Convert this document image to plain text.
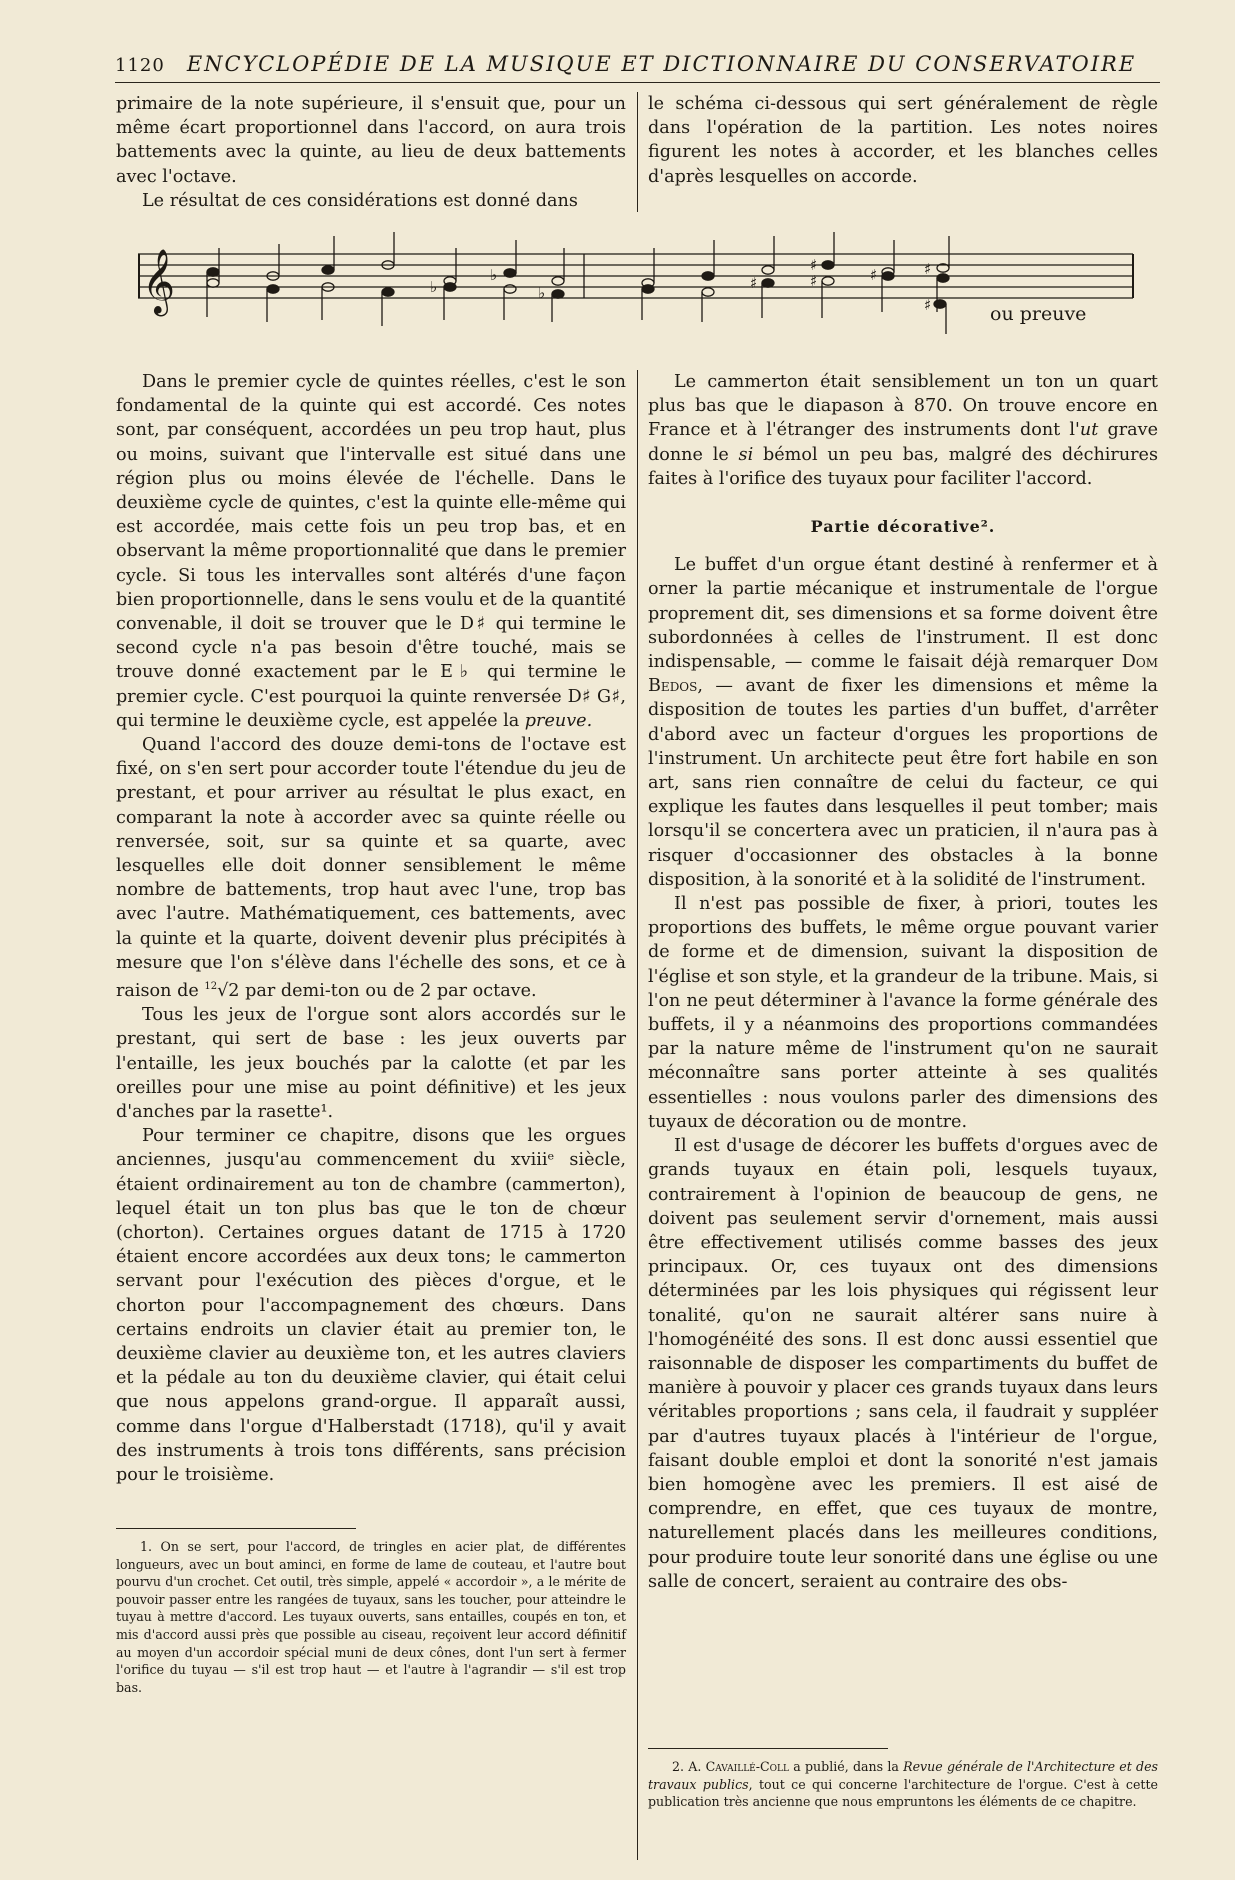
1120 ENCYCLOPÉDIE DE LA MUSIQUE ET DICTIONNAIRE DU CONSERVATOIRE

primaire de la note supérieure, il s'ensuit que, pour un même écart proportionnel dans l'accord, on aura trois battements avec la quinte, au lieu de deux battements avec l'octave.

Le résultat de ces considérations est donné dans

le schéma ci-dessous qui sert généralement de règle dans l'opération de la partition. Les notes noires figurent les notes à accorder, et les blanches celles d'après lesquelles on accorde.

𝄞	♭
♭
♭
♯
♯
♯	♯	♯
♯	ou preuve

Dans le premier cycle de quintes réelles, c'est le son fondamental de la quinte qui est accordé. Ces notes sont, par conséquent, accordées un peu trop haut, plus ou moins, suivant que l'intervalle est situé dans une région plus ou moins élevée de l'échelle. Dans le deuxième cycle de quintes, c'est la quinte elle-même qui est accordée, mais cette fois un peu trop bas, et en observant la même proportionnalité que dans le premier cycle. Si tous les intervalles sont altérés d'une façon bien proportionnelle, dans le sens voulu et de la quantité convenable, il doit se trouver que le D♯ qui termine le second cycle n'a pas besoin d'être touché, mais se trouve donné exactement par le E♭ qui termine le premier cycle. C'est pourquoi la quinte renversée D♯ G♯, qui termine le deuxième cycle, est appelée la preuve.

Quand l'accord des douze demi-tons de l'octave est fixé, on s'en sert pour accorder toute l'étendue du jeu de prestant, et pour arriver au résultat le plus exact, en comparant la note à accorder avec sa quinte réelle ou renversée, soit, sur sa quinte et sa quarte, avec lesquelles elle doit donner sensiblement le même nombre de battements, trop haut avec l'une, trop bas avec l'autre. Mathématiquement, ces battements, avec la quinte et la quarte, doivent devenir plus précipités à mesure que l'on s'élève dans l'échelle des sons, et ce à raison de $^{12}$√2 par demi-ton ou de 2 par octave.

Tous les jeux de l'orgue sont alors accordés sur le prestant, qui sert de base : les jeux ouverts par l'entaille, les jeux bouchés par la calotte (et par les oreilles pour une mise au point définitive) et les jeux d'anches par la rasette¹.

Pour terminer ce chapitre, disons que les orgues anciennes, jusqu'au commencement du xviiiᵉ siècle, étaient ordinairement au ton de chambre (cammerton), lequel était un ton plus bas que le ton de chœur (chorton). Certaines orgues datant de 1715 à 1720 étaient encore accordées aux deux tons; le cammerton servant pour l'exécution des pièces d'orgue, et le chorton pour l'accompagnement des chœurs. Dans certains endroits un clavier était au premier ton, le deuxième clavier au deuxième ton, et les autres claviers et la pédale au ton du deuxième clavier, qui était celui que nous appelons grand-orgue. Il apparaît aussi, comme dans l'orgue d'Halberstadt (1718), qu'il y avait des instruments à trois tons différents, sans précision pour le troisième.

Le cammerton était sensiblement un ton un quart plus bas que le diapason à 870. On trouve encore en France et à l'étranger des instruments dont l'ut grave donne le si bémol un peu bas, malgré des déchirures faites à l'orifice des tuyaux pour faciliter l'accord.

Partie décorative².

Le buffet d'un orgue étant destiné à renfermer et à orner la partie mécanique et instrumentale de l'orgue proprement dit, ses dimensions et sa forme doivent être subordonnées à celles de l'instrument. Il est donc indispensable, — comme le faisait déjà remarquer Dom Bedos, — avant de fixer les dimensions et même la disposition de toutes les parties d'un buffet, d'arrêter d'abord avec un facteur d'orgues les proportions de l'instrument. Un architecte peut être fort habile en son art, sans rien connaître de celui du facteur, ce qui explique les fautes dans lesquelles il peut tomber; mais lorsqu'il se concertera avec un praticien, il n'aura pas à risquer d'occasionner des obstacles à la bonne disposition, à la sonorité et à la solidité de l'instrument.

Il n'est pas possible de fixer, à priori, toutes les proportions des buffets, le même orgue pouvant varier de forme et de dimension, suivant la disposition de l'église et son style, et la grandeur de la tribune. Mais, si l'on ne peut déterminer à l'avance la forme générale des buffets, il y a néanmoins des proportions commandées par la nature même de l'instrument qu'on ne saurait méconnaître sans porter atteinte à ses qualités essentielles : nous voulons parler des dimensions des tuyaux de décoration ou de montre.

Il est d'usage de décorer les buffets d'orgues avec de grands tuyaux en étain poli, lesquels tuyaux, contrairement à l'opinion de beaucoup de gens, ne doivent pas seulement servir d'ornement, mais aussi être effectivement utilisés comme basses des jeux principaux. Or, ces tuyaux ont des dimensions déterminées par les lois physiques qui régissent leur tonalité, qu'on ne saurait altérer sans nuire à l'homogénéité des sons. Il est donc aussi essentiel que raisonnable de disposer les compartiments du buffet de manière à pouvoir y placer ces grands tuyaux dans leurs véritables proportions ; sans cela, il faudrait y suppléer par d'autres tuyaux placés à l'intérieur de l'orgue, faisant double emploi et dont la sonorité n'est jamais bien homogène avec les premiers. Il est aisé de comprendre, en effet, que ces tuyaux de montre, naturellement placés dans les meilleures conditions, pour produire toute leur sonorité dans une église ou une salle de concert, seraient au contraire des obs-

1. On se sert, pour l'accord, de tringles en acier plat, de différentes longueurs, avec un bout aminci, en forme de lame de couteau, et l'autre bout pourvu d'un crochet. Cet outil, très simple, appelé « accordoir », a le mérite de pouvoir passer entre les rangées de tuyaux, sans les toucher, pour atteindre le tuyau à mettre d'accord. Les tuyaux ouverts, sans entailles, coupés en ton, et mis d'accord aussi près que possible au ciseau, reçoivent leur accord définitif au moyen d'un accordoir spécial muni de deux cônes, dont l'un sert à fermer l'orifice du tuyau — s'il est trop haut — et l'autre à l'agrandir — s'il est trop bas.

2. A. Cavaillé-Coll a publié, dans la Revue générale de l'Architecture et des travaux publics, tout ce qui concerne l'architecture de l'orgue. C'est à cette publication très ancienne que nous empruntons les éléments de ce chapitre.
